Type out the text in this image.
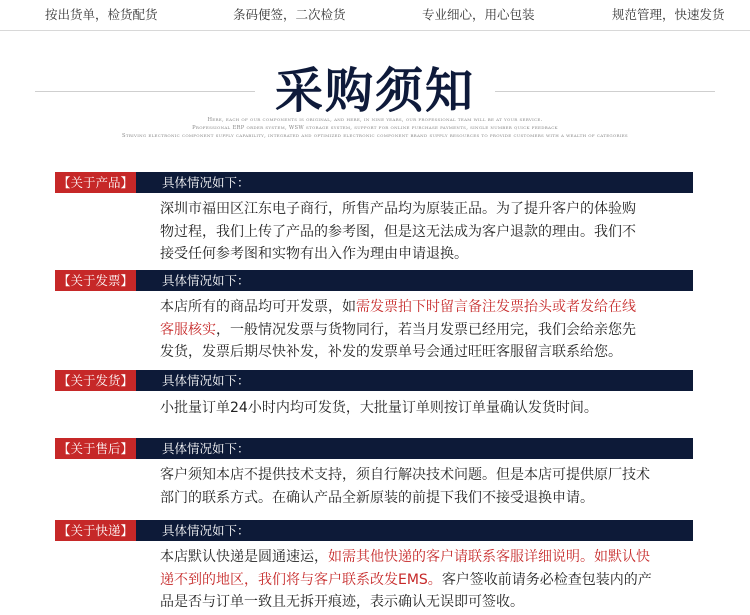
按出货单，检货配货	条码便签，二次检货	专业细心，用心包装	规范管理，快速发货
采购须知
Here, each of our components is original, and here, in nine years, our professional team will be at your service.
Professional ERP order system, WSW storage system, support for online purchase payments, single number quick feedback
Striving electronic component supply capability, integrated and optimized electronic component brand supply resources to provide customers with a wealth of categories
【关于产品】 具体情况如下：
深圳市福田区江东电子商行，所售产品均为原装正品。为了提升客户的体验购
物过程，我们上传了产品的参考图，但是这无法成为客户退款的理由。我们不
接受任何参考图和实物有出入作为理由申请退换。
【关于发票】 具体情况如下：
本店所有的商品均可开发票，如需发票拍下时留言备注发票抬头或者发给在线
客服核实，一般情况发票与货物同行，若当月发票已经用完，我们会给亲您先
发货，发票后期尽快补发，补发的发票单号会通过旺旺客服留言联系给您。
【关于发货】 具体情况如下：
小批量订单24小时内均可发货，大批量订单则按订单量确认发货时间。
【关于售后】 具体情况如下：
客户须知本店不提供技术支持，须自行解决技术问题。但是本店可提供原厂技术
部门的联系方式。在确认产品全新原装的前提下我们不接受退换申请。
【关于快递】 具体情况如下：
本店默认快递是圆通速运，如需其他快递的客户请联系客服详细说明。如默认快
递不到的地区，我们将与客户联系改发EMS。客户签收前请务必检查包装内的产
品是否与订单一致且无拆开痕迹，表示确认无误即可签收。
